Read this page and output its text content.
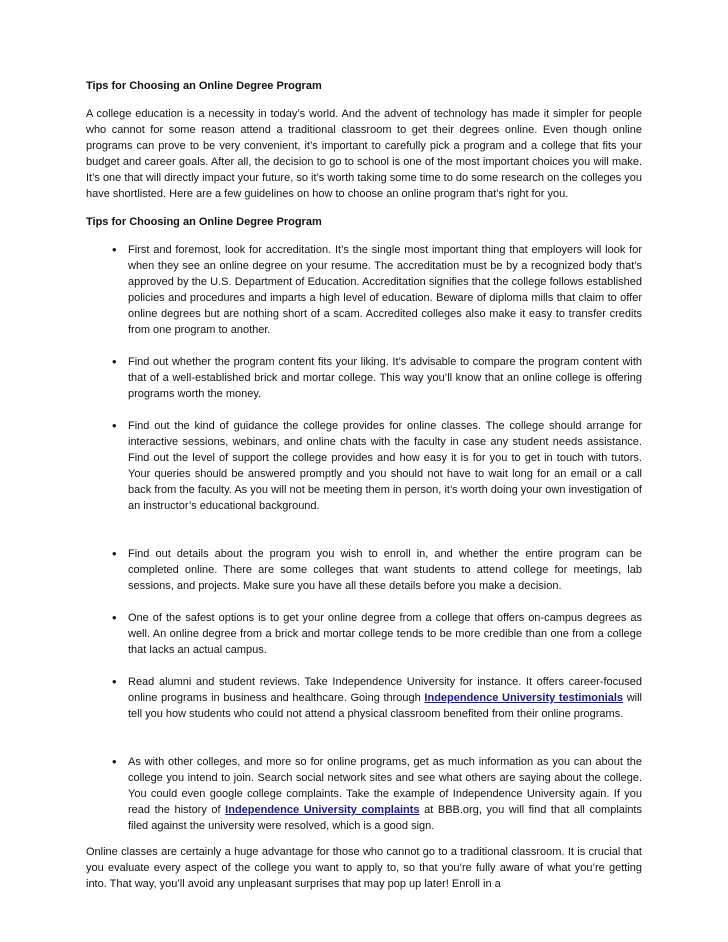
Tips for Choosing an Online Degree Program

A college education is a necessity in today’s world. And the advent of technology has made it simpler for people who cannot for some reason attend a traditional classroom to get their degrees online. Even though online programs can prove to be very convenient, it’s important to carefully pick a program and a college that fits your budget and career goals. After all, the decision to go to school is one of the most important choices you will make. It’s one that will directly impact your future, so it’s worth taking some time to do some research on the colleges you have shortlisted. Here are a few guidelines on how to choose an online program that’s right for you.

Tips for Choosing an Online Degree Program

• First and foremost, look for accreditation. It’s the single most important thing that employers will look for when they see an online degree on your resume. The accreditation must be by a recognized body that’s approved by the U.S. Department of Education. Accreditation signifies that the college follows established policies and procedures and imparts a high level of education. Beware of diploma mills that claim to offer online degrees but are nothing short of a scam. Accredited colleges also make it easy to transfer credits from one program to another.
• Find out whether the program content fits your liking. It’s advisable to compare the program content with that of a well-established brick and mortar college. This way you’ll know that an online college is offering programs worth the money.
• Find out the kind of guidance the college provides for online classes. The college should arrange for interactive sessions, webinars, and online chats with the faculty in case any student needs assistance. Find out the level of support the college provides and how easy it is for you to get in touch with tutors. Your queries should be answered promptly and you should not have to wait long for an email or a call back from the faculty. As you will not be meeting them in person, it’s worth doing your own investigation of an instructor’s educational background.
• Find out details about the program you wish to enroll in, and whether the entire program can be completed online. There are some colleges that want students to attend college for meetings, lab sessions, and projects. Make sure you have all these details before you make a decision.
• One of the safest options is to get your online degree from a college that offers on-campus degrees as well. An online degree from a brick and mortar college tends to be more credible than one from a college that lacks an actual campus.
• Read alumni and student reviews. Take Independence University for instance. It offers career-focused online programs in business and healthcare. Going through Independence University testimonials will tell you how students who could not attend a physical classroom benefited from their online programs.
• As with other colleges, and more so for online programs, get as much information as you can about the college you intend to join. Search social network sites and see what others are saying about the college. You could even google college complaints. Take the example of Independence University again. If you read the history of Independence University complaints at BBB.org, you will find that all complaints filed against the university were resolved, which is a good sign.

Online classes are certainly a huge advantage for those who cannot go to a traditional classroom. It is crucial that you evaluate every aspect of the college you want to apply to, so that you’re fully aware of what you’re getting into. That way, you’ll avoid any unpleasant surprises that may pop up later! Enroll in a
